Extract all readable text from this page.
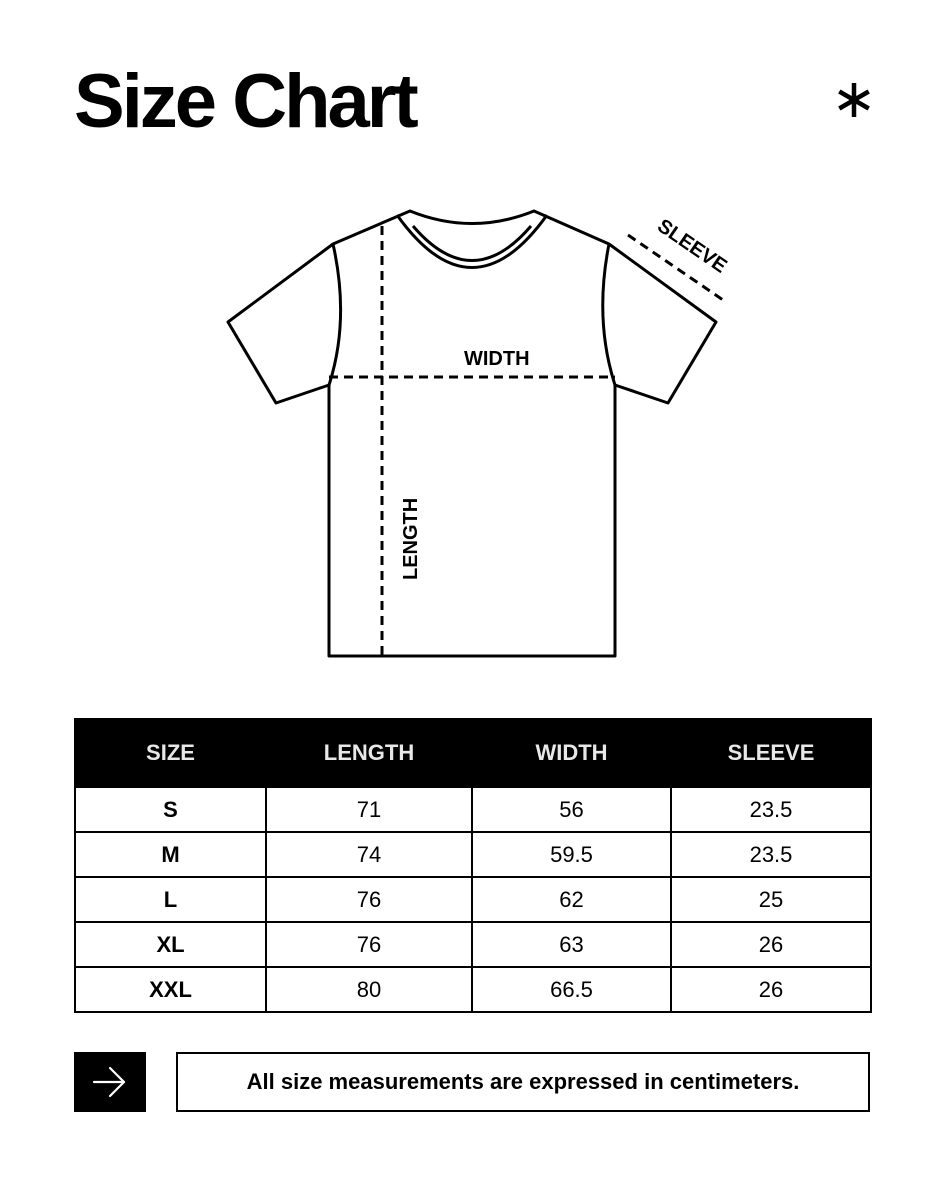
Size Chart
WIDTH
LENGTH
SLEEVE
SIZE	LENGTH	WIDTH	SLEEVE
S	71	56	23.5
M	74	59.5	23.5
L	76	62	25
XL	76	63	26
XXL	80	66.5	26
All size measurements are expressed in centimeters.
